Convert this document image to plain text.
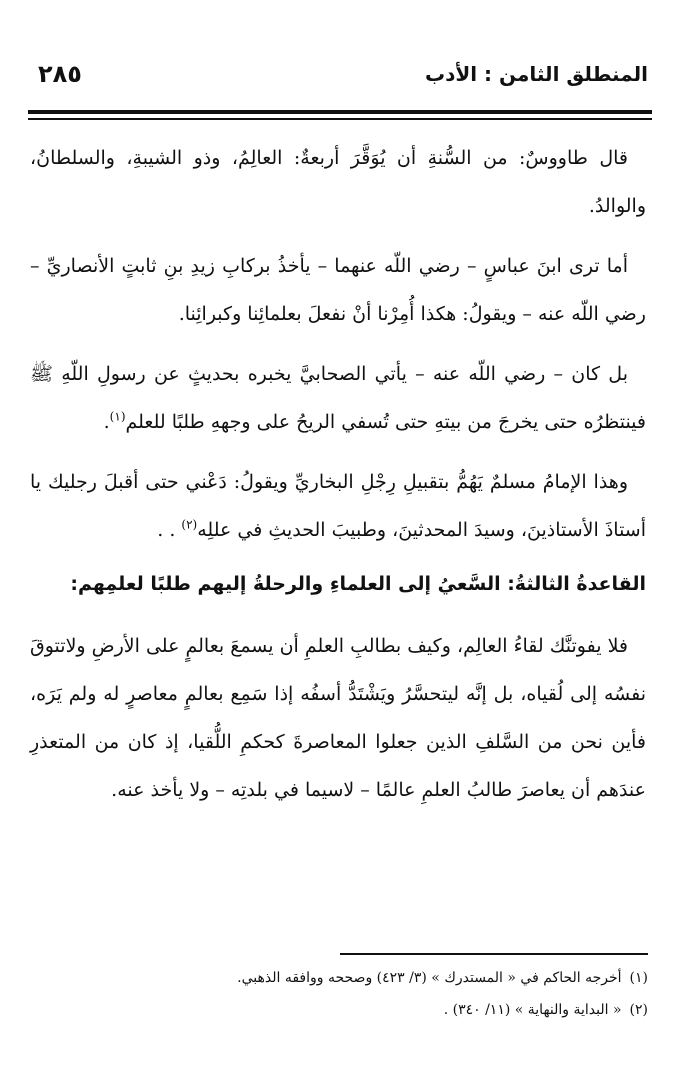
٢٨٥	المنطلق الثامن : الأدب

قال طاووسٌ: من السُّنةِ أن يُوَقَّرَ أربعةٌ: العالِمُ، وذو الشيبةِ، والسلطانُ، والوالدُ.

أما ترى ابنَ عباسٍ – رضي اللّه عنهما – يأخذُ بركابِ زيدِ بنِ ثابتٍ الأنصاريِّ – رضي اللّه عنه – ويقولُ: هكذا أُمِرْنا أنْ نفعلَ بعلمائِنا وكبرائِنا.

بل كان – رضي اللّه عنه – يأتي الصحابيَّ يخبره بحديثٍ عن رسولِ اللّهِ ﷺ فينتظرُه حتى يخرجَ من بيتهِ حتى تُسفي الريحُ على وجههِ طلبًا للعلم$^{(١)}$.

وهذا الإمامُ مسلمٌ يَهُمُّ بتقبيلِ رِجْلِ البخاريِّ ويقولُ: دَعْني حتى أقبلَ رجليك يا أستاذَ الأستاذينَ، وسيدَ المحدثينَ، وطبيبَ الحديثِ في عللِه$^{(٢)}$ . .

القاعدةُ الثالثةُ: السَّعيُ إلى العلماءِ والرحلةُ إليهم طلبًا لعلمِهم:

فلا يفوتنَّك لقاءُ العالِم، وكيف بطالبِ العلمِ أن يسمعَ بعالمٍ على الأرضِ ولاتتوقَ نفسُه إلى لُقياه، بل إنَّه ليتحسَّرُ ويَشْتَدُّ أسفُه إذا سَمِع بعالمٍ معاصرٍ له ولم يَرَه، فأين نحن من السَّلفِ الذين جعلوا المعاصرةَ كحكمِ اللُّقيا، إذ كان من المتعذرِ عندَهم أن يعاصرَ طالبُ العلمِ عالمًا – لاسيما في بلدتِه – ولا يأخذ عنه.

(١)أخرجه الحاكم في « المستدرك » (٣/ ٤٢٣) وصححه ووافقه الذهبي.
(٢)« البداية والنهاية » (١١/ ٣٤٠) .
